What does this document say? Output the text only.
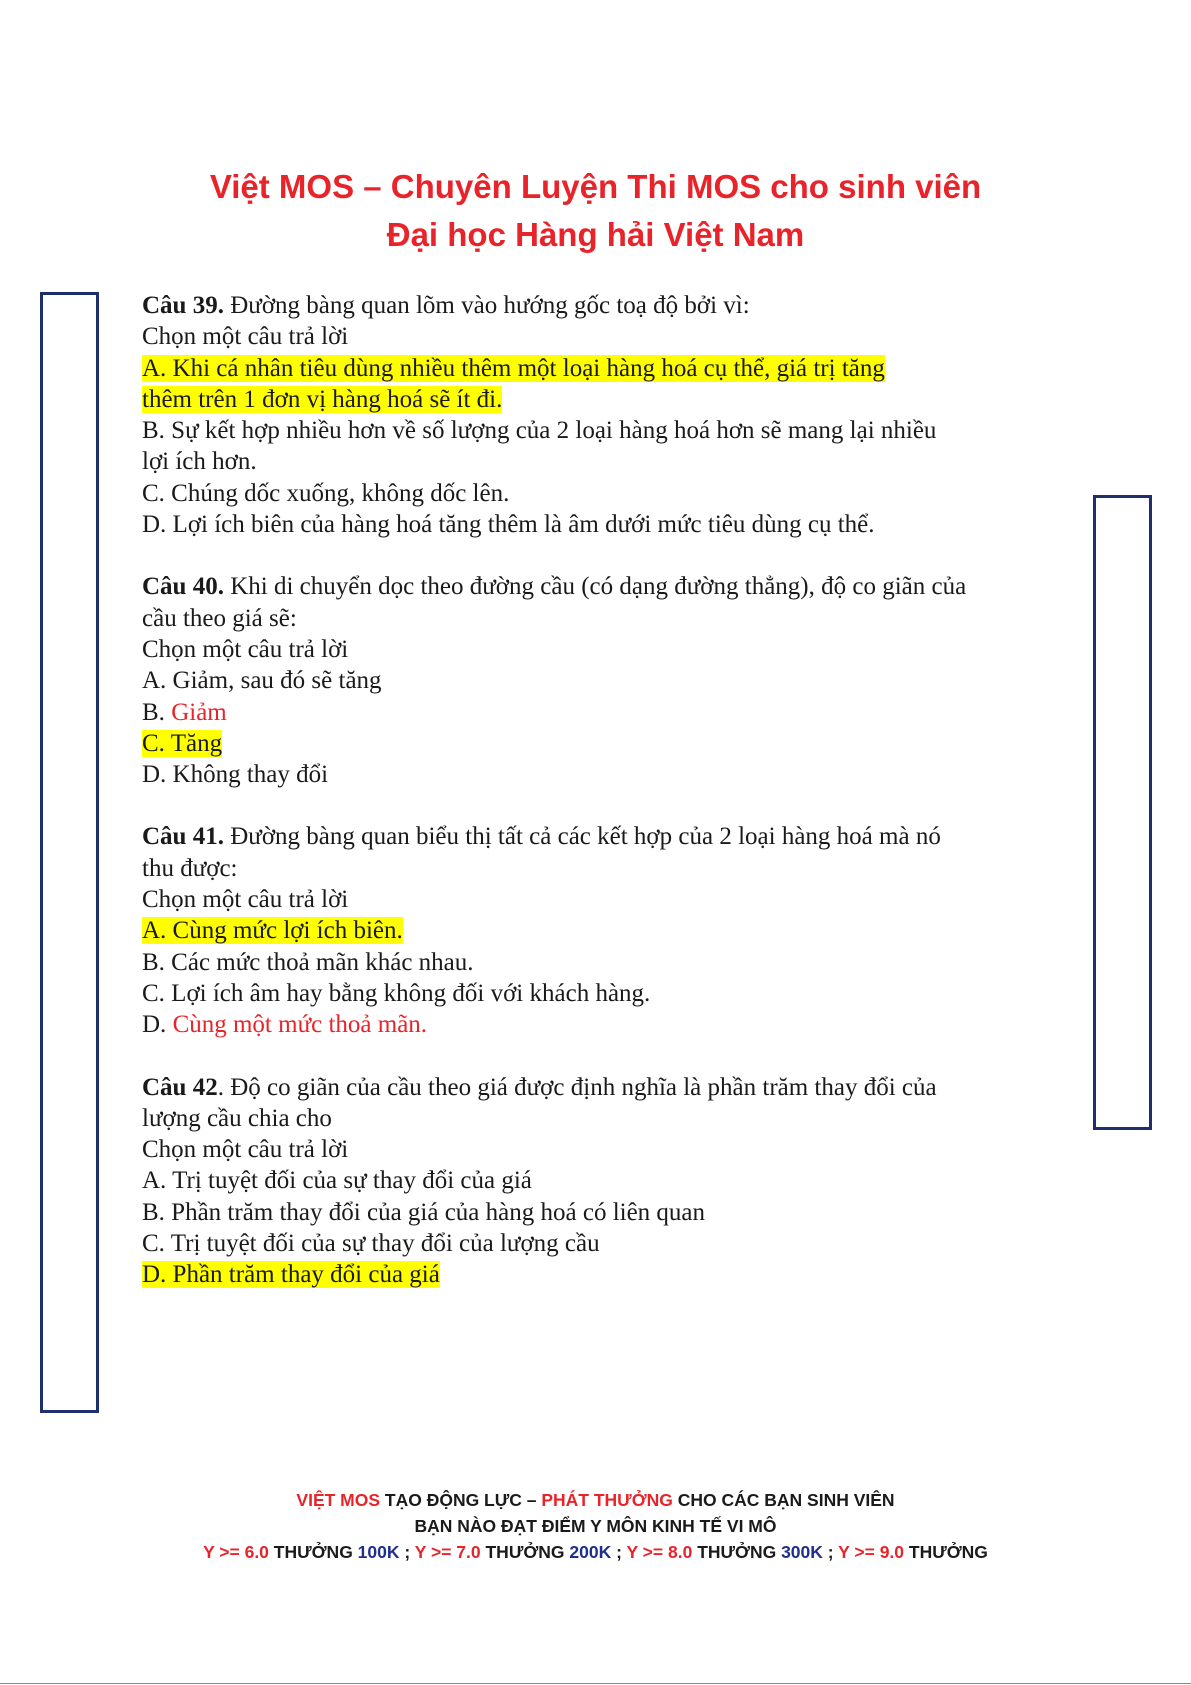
Việt MOS – Chuyên Luyện Thi MOS cho sinh viên
Đại học Hàng hải Việt Nam
Câu 39. Đường bàng quan lõm vào hướng gốc toạ độ bởi vì:
Chọn một câu trả lời
A. Khi cá nhân tiêu dùng nhiều thêm một loại hàng hoá cụ thể, giá trị tăng
thêm trên 1 đơn vị hàng hoá sẽ ít đi.
B. Sự kết hợp nhiều hơn về số lượng của 2 loại hàng hoá hơn sẽ mang lại nhiều
lợi ích hơn.
C. Chúng dốc xuống, không dốc lên.
D. Lợi ích biên của hàng hoá tăng thêm là âm dưới mức tiêu dùng cụ thể.
Câu 40. Khi di chuyển dọc theo đường cầu (có dạng đường thẳng), độ co giãn của
cầu theo giá sẽ:
Chọn một câu trả lời
A. Giảm, sau đó sẽ tăng
B. Giảm
C. Tăng
D. Không thay đổi
Câu 41. Đường bàng quan biểu thị tất cả các kết hợp của 2 loại hàng hoá mà nó
thu được:
Chọn một câu trả lời
A. Cùng mức lợi ích biên.
B. Các mức thoả mãn khác nhau.
C. Lợi ích âm hay bằng không đối với khách hàng.
D. Cùng một mức thoả mãn.
Câu 42. Độ co giãn của cầu theo giá được định nghĩa là phần trăm thay đổi của
lượng cầu chia cho
Chọn một câu trả lời
A. Trị tuyệt đối của sự thay đổi của giá
B. Phần trăm thay đổi của giá của hàng hoá có liên quan
C. Trị tuyệt đối của sự thay đổi của lượng cầu
D. Phần trăm thay đổi của giá
VIỆT MOS TẠO ĐỘNG LỰC – PHÁT THƯỞNG CHO CÁC BẠN SINH VIÊN
BẠN NÀO ĐẠT ĐIỂM Y MÔN KINH TẾ VI MÔ
Y >= 6.0 THƯỞNG 100K ; Y >= 7.0 THƯỞNG 200K ; Y >= 8.0 THƯỞNG 300K ; Y >= 9.0 THƯỞNG
